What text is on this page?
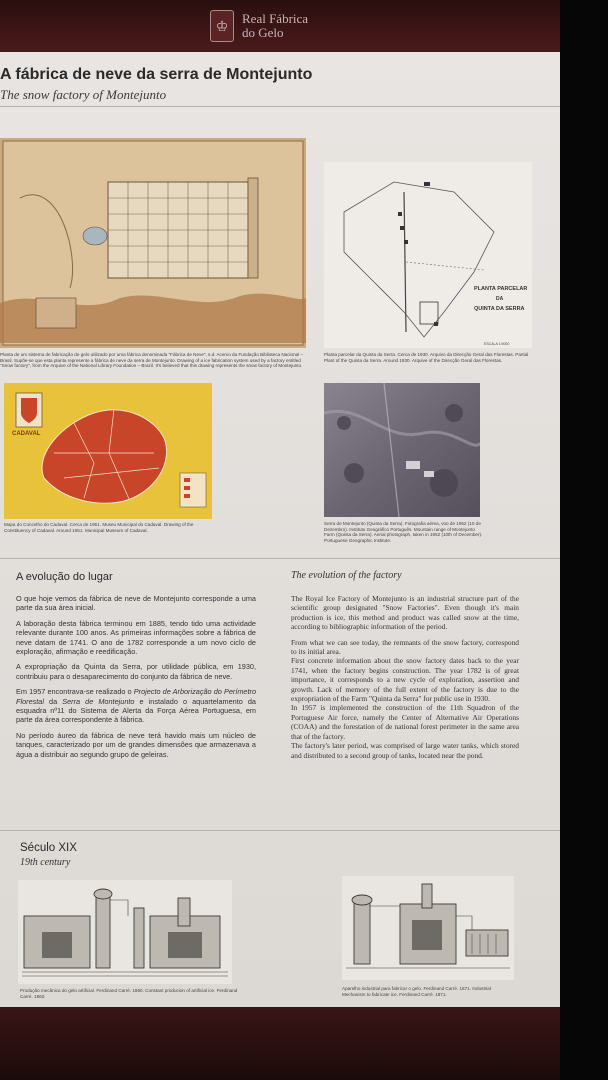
♔	Real Fábrica
do Gelo
A fábrica de neve da serra de Montejunto
The snow factory of Montejunto
Planta de um sistema de fabricação de gelo utilizado por uma fábrica denominada "Fábrica de Neve", s.d. Acervo da Fundação Biblioteca Nacional – Brasil. Supõe-se que esta planta represente a fábrica de neve da serra de Montejunto. Drawing of a ice fabrication system used by a factory entitled "Snow factory", from the Arquive of the National Library Foundation – Brazil. It's believed that this drawing represents the snow factory of Montejunto.
PLANTA PARCELAR
DA
QUINTA DA SERRA
ESCALA 1:5000
Planta parcelar da Quinta da Serra. Cerca de 1930. Arquivo da Direcção Geral das Florestas. Partial Plant of the Quinta da Serra. Around 1930. Arquive of the Direcção Geral das Florestas.
CADAVAL
Mapa do Concelho do Cadaval. Cerca de 1951. Museu Municipal do Cadaval. Drawing of the Constituency of Cadaval. Around 1951. Municipal Museum of Cadaval.
Serra de Montejunto (Quinta da Serra). Fotografia aérea, voo de 1952 (10 de Dezembro). Instituto Geográfico Português. Mountain range of Montejunto Farm (Quinta da Serra). Aerial photograph, taken in 1952 (10th of December). Portuguese Geographic Institute.
A evolução do lugar	The evolution of the factory

O que hoje vemos da fábrica de neve de Montejunto corresponde a uma parte da sua área inicial.

A laboração desta fábrica terminou em 1885, tendo tido uma actividade relevante durante 100 anos. As primeiras informações sobre a fábrica de neve datam de 1741. O ano de 1782 corresponde a um novo ciclo de exploração, afirmação e reedificação.

A expropriação da Quinta da Serra, por utilidade pública, em 1930, contribuiu para o desaparecimento do conjunto da fábrica de neve.

Em 1957 encontrava-se realizado o Projecto de Arborização do Perímetro Florestal da Serra de Montejunto e instalado o aquartelamento da esquadra nº11 do Sistema de Alerta da Força Aérea Portuguesa, em parte da área correspondente à fábrica.

No período áureo da fábrica de neve terá havido mais um núcleo de tanques, caracterizado por um de grandes dimensões que armazenava a água a distribuir ao segundo grupo de geleiras.

The Royal Ice Factory of Montejunto is an industrial structure part of the scientific group designated "Snow Factories". Even though it's main production is ice, this method and product was called snow at the time, according to bibliographic information of the period.

From what we can see today, the remnants of the snow factory, correspond to its initial area.

First concrete information about the snow factory dates back to the year 1741, when the factory begins construction. The year 1782 is of great importance, it corresponds to a new cycle of exploration, assertion and growth. Lack of memory of the full extent of the factory is due to the expropriation of the Farm "Quinta da Serra" for public use in 1930.

In 1957 is implemented the construction of the 11th Squadron of the Portuguese Air force, namely the Center of Alternative Air Operations (COAA) and the forestation of de national forest perimeter in the same area that of the factory.

The factory's later period, was comprised of large water tanks, which stored and distributed to a second group of tanks, located near the pond.

Século XIX
19th century
Produção mecânica do gelo artificial. Ferdinand Carré. 1860. Constant producion of artificial ice. Ferdinand Carré. 1860.
Aparelho industrial para fabricar o gelo. Ferdinand Carré. 1871. Industrial Mechanism to fabricate ice. Ferdinand Carré. 1871.
